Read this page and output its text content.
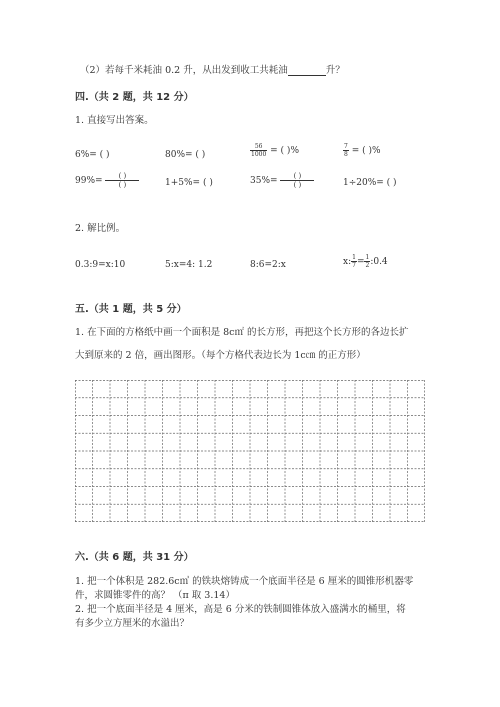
（2）若每千米耗油 0.2 升，从出发到收工共耗油	升？
四.（共 2 题，共 12 分）
1. 直接写出答案。
6%= ( )	80%= ( )	$\frac{56}{1000}$ = ( )%	$\frac{7}{8}$ = ( )%
$99\%= \frac{( )}{( )}$	1+5%= ( )	$35\%= \frac{( )}{( )}$	1÷20%= ( )
2. 解比例。
0.3:9=x:10	5:x=4: 1.2	8:6=2:x	x: $\frac{1}{7} = \frac{1}{2}$ :0.4
五.（共 1 题，共 5 分）
1. 在下面的方格纸中画一个面积是 8c㎡ 的长方形，再把这个长方形的各边长扩
大到原来的 2 倍，画出图形。（每个方格代表边长为 1c㎝ 的正方形）
六.（共 6 题，共 31 分）
1. 把一个体积是 282.6c㎥ 的铁块熔铸成一个底面半径是 6 厘米的圆锥形机器零
件，求圆锥零件的高？ （π 取 3.14）
2. 把一个底面半径是 4 厘米，高是 6 分米的铁制圆锥体放入盛满水的桶里，将
有多少立方厘米的水溢出？
